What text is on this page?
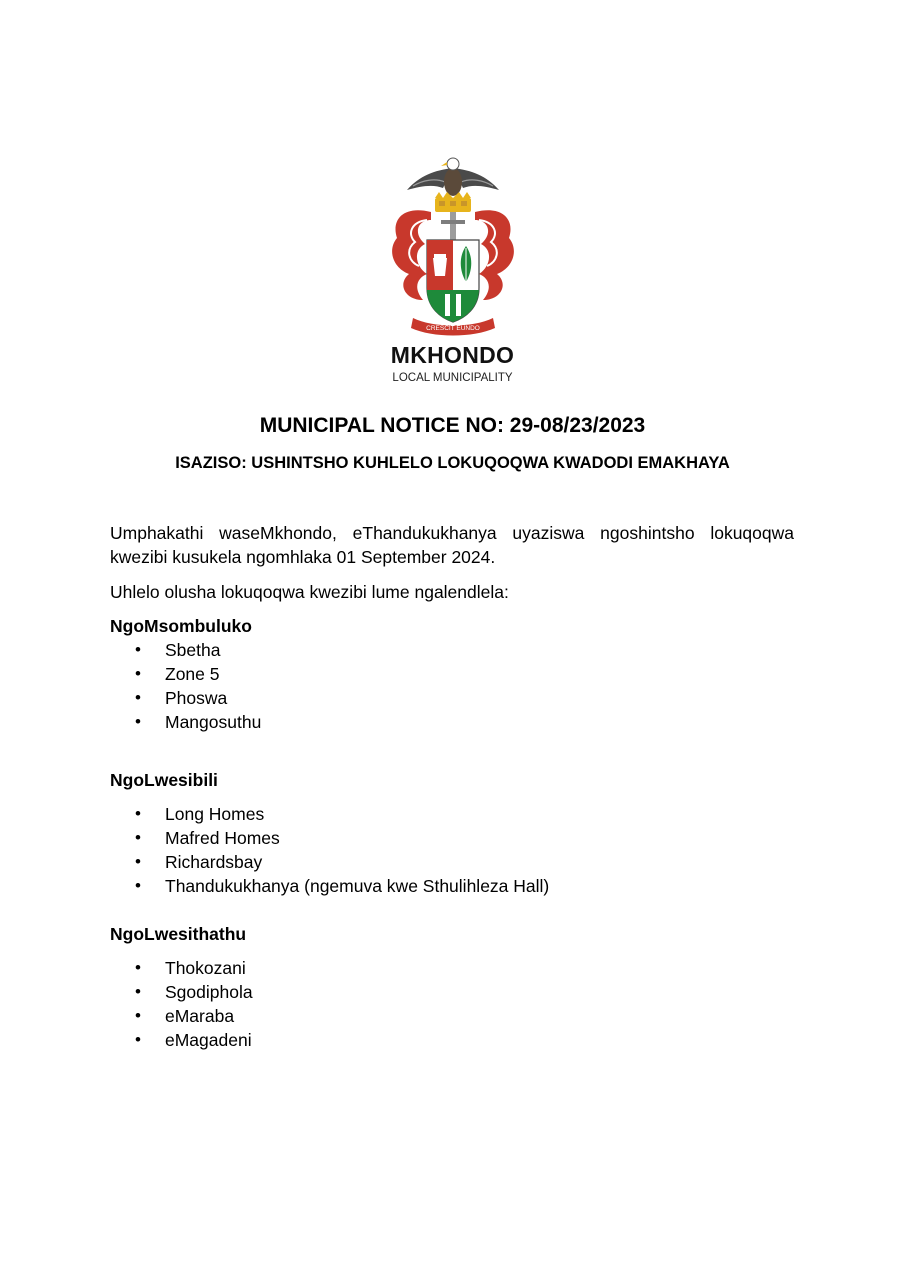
CRESCIT EUNDO
MKHONDO
LOCAL MUNICIPALITY
MUNICIPAL NOTICE NO: 29-08/23/2023
ISAZISO: USHINTSHO KUHLELO LOKUQOQWA KWADODI EMAKHAYA

Umphakathi waseMkhondo, eThandukukhanya uyaziswa ngoshintsho lokuqoqwa kwezibi kusukela ngomhlaka 01 September 2024.

Uhlelo olusha lokuqoqwa kwezibi lume ngalendlela:

NgoMsombuluko

• Sbetha
• Zone 5
• Phoswa
• Mangosuthu

NgoLwesibili

• Long Homes
• Mafred Homes
• Richardsbay
• Thandukukhanya (ngemuva kwe Sthulihleza Hall)

NgoLwesithathu

• Thokozani
• Sgodiphola
• eMaraba
• eMagadeni
